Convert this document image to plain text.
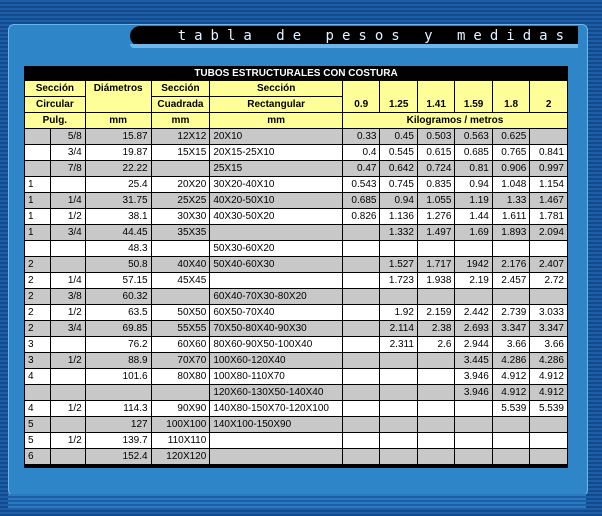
tabla de pesos y medidas
TUBOS ESTRUCTURALES CON COSTURA										
Sección		Diámetros	Sección	Sección	0.9	1.25	1.41	1.59	1.8	2
Circular			Cuadrada	Rectangular						
Pulg.		mm	mm	mm	Kilogramos / metros					
	5/8	15.87	12X12	20X10	0.33	0.45	0.503	0.563	0.625	
	3/4	19.87	15X15	20X15-25X10	0.4	0.545	0.615	0.685	0.765	0.841
	7/8	22.22		25X15	0.47	0.642	0.724	0.81	0.906	0.997
1		25.4	20X20	30X20-40X10	0.543	0.745	0.835	0.94	1.048	1.154
1	1/4	31.75	25X25	40X20-50X10	0.685	0.94	1.055	1.19	1.33	1.467
1	1/2	38.1	30X30	40X30-50X20	0.826	1.136	1.276	1.44	1.611	1.781
1	3/4	44.45	35X35			1.332	1.497	1.69	1.893	2.094
		48.3		50X30-60X20						
2		50.8	40X40	50X40-60X30		1.527	1.717	1942	2.176	2.407
2	1/4	57.15	45X45			1.723	1.938	2.19	2.457	2.72
2	3/8	60.32		60X40-70X30-80X20						
2	1/2	63.5	50X50	60X50-70X40		1.92	2.159	2.442	2.739	3.033
2	3/4	69.85	55X55	70X50-80X40-90X30		2.114	2.38	2.693	3.347	3.347
3		76.2	60X60	80X60-90X50-100X40		2.311	2.6	2.944	3.66	3.66
3	1/2	88.9	70X70	100X60-120X40				3.445	4.286	4.286
4		101.6	80X80	100X80-110X70				3.946	4.912	4.912
				120X60-130X50-140X40				3.946	4.912	4.912
4	1/2	114.3	90X90	140X80-150X70-120X100					5.539	5.539
5		127	100X100	140X100-150X90						
5	1/2	139.7	110X110							
6		152.4	120X120							
